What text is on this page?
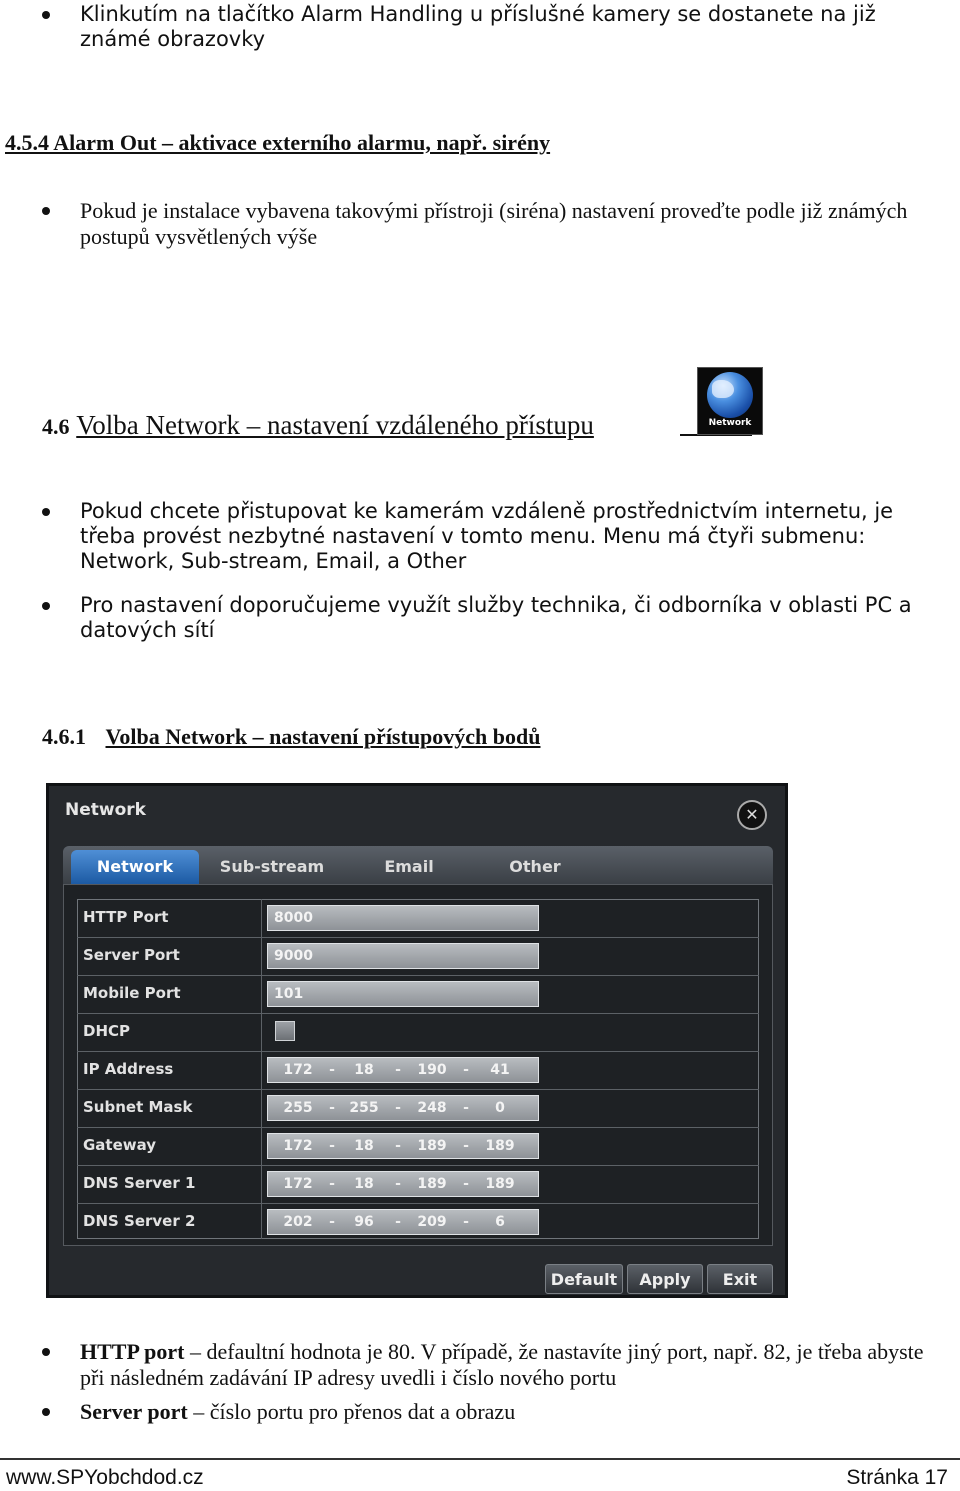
Klinkutím na tlačítko Alarm Handling u příslušné kamery se dostanete na již známé obrazovky
4.5.4 Alarm Out – aktivace externího alarmu, např. sirény
Pokud je instalace vybavena takovými přístroji (siréna) nastavení proveďte podle již známých postupů vysvětlených výše
4.6 Volba Network – nastavení vzdáleného přístupu	Network
Pokud chcete přistupovat ke kamerám vzdáleně prostřednictvím internetu, je třeba provést nezbytné nastavení v tomto menu. Menu má čtyři submenu: Network, Sub-stream, Email, a Other
Pro nastavení doporučujeme využít služby technika, či odborníka v oblasti PC a datových sítí
4.6.1 Volba Network – nastavení přístupových bodů
Network	✕
Network	Sub-stream	Email	Other
HTTP Port	8000
Server Port	9000
Mobile Port	101
DHCP
IP Address	172	-	18	-	190	-	41
Subnet Mask	255	-	255	-	248	-	0
Gateway	172	-	18	-	189	-	189
DNS Server 1	172	-	18	-	189	-	189
DNS Server 2	202	-	96	-	209	-	6
Default	Apply	Exit
HTTP port – defaultní hodnota je 80. V případě, že nastavíte jiný port, např. 82, je třeba abyste při následném zadávání IP adresy uvedli i číslo nového portu
Server port – číslo portu pro přenos dat a obrazu
www.SPYobchdod.cz	Stránka 17
